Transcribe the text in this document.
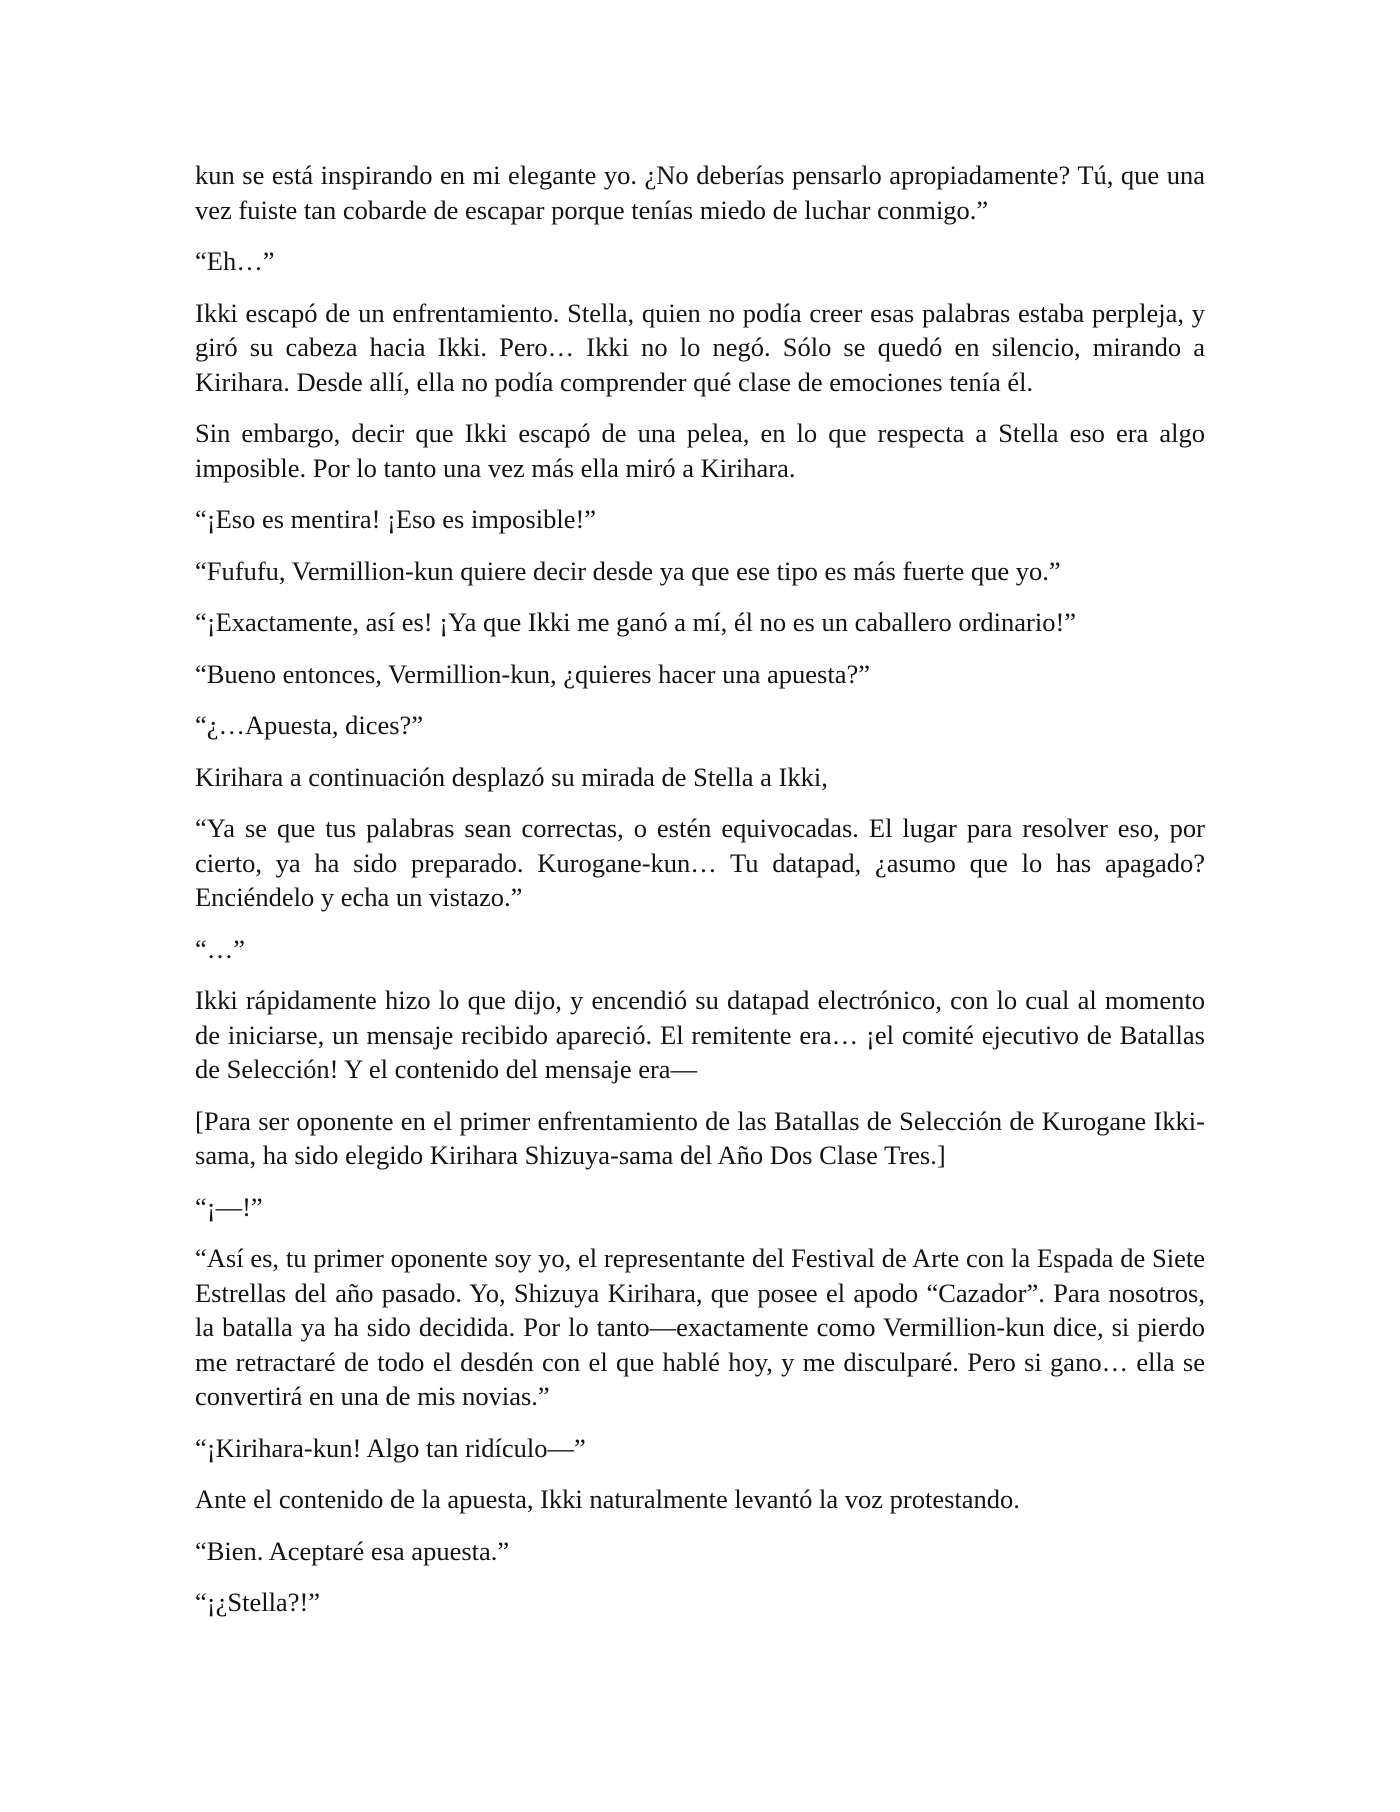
kun se está inspirando en mi elegante yo. ¿No deberías pensarlo apropiadamente? Tú, que una vez fuiste tan cobarde de escapar porque tenías miedo de luchar conmigo.”

“Eh…”

Ikki escapó de un enfrentamiento. Stella, quien no podía creer esas palabras estaba perpleja, y giró su cabeza hacia Ikki. Pero… Ikki no lo negó. Sólo se quedó en silencio, mirando a Kirihara. Desde allí, ella no podía comprender qué clase de emociones tenía él.

Sin embargo, decir que Ikki escapó de una pelea, en lo que respecta a Stella eso era algo imposible. Por lo tanto una vez más ella miró a Kirihara.

“¡Eso es mentira! ¡Eso es imposible!”

“Fufufu, Vermillion-kun quiere decir desde ya que ese tipo es más fuerte que yo.”

“¡Exactamente, así es! ¡Ya que Ikki me ganó a mí, él no es un caballero ordinario!”

“Bueno entonces, Vermillion-kun, ¿quieres hacer una apuesta?”

“¿…Apuesta, dices?”

Kirihara a continuación desplazó su mirada de Stella a Ikki,

“Ya se que tus palabras sean correctas, o estén equivocadas. El lugar para resolver eso, por cierto, ya ha sido preparado. Kurogane-kun… Tu datapad, ¿asumo que lo has apagado? Enciéndelo y echa un vistazo.”

“…”

Ikki rápidamente hizo lo que dijo, y encendió su datapad electrónico, con lo cual al momento de iniciarse, un mensaje recibido apareció. El remitente era… ¡el comité ejecutivo de Batallas de Selección! Y el contenido del mensaje era—

[Para ser oponente en el primer enfrentamiento de las Batallas de Selección de Kurogane Ikki-sama, ha sido elegido Kirihara Shizuya-sama del Año Dos Clase Tres.]

“¡—!”

“Así es, tu primer oponente soy yo, el representante del Festival de Arte con la Espada de Siete Estrellas del año pasado. Yo, Shizuya Kirihara, que posee el apodo “Cazador”. Para nosotros, la batalla ya ha sido decidida. Por lo tanto—exactamente como Vermillion-kun dice, si pierdo me retractaré de todo el desdén con el que hablé hoy, y me disculparé. Pero si gano… ella se convertirá en una de mis novias.”

“¡Kirihara-kun! Algo tan ridículo—”

Ante el contenido de la apuesta, Ikki naturalmente levantó la voz protestando.

“Bien. Aceptaré esa apuesta.”

“¡¿Stella?!”
